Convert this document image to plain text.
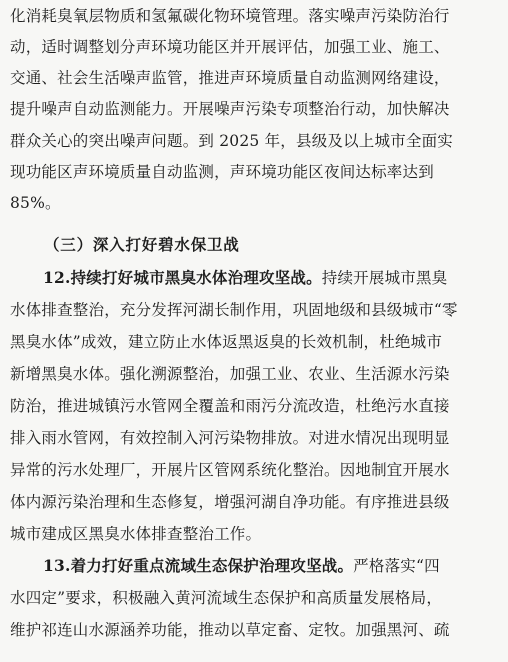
化消耗臭氧层物质和氢氟碳化物环境管理。落实噪声污染防治行
动，适时调整划分声环境功能区并开展评估，加强工业、施工、
交通、社会生活噪声监管，推进声环境质量自动监测网络建设，
提升噪声自动监测能力。开展噪声污染专项整治行动，加快解决
群众关心的突出噪声问题。到 2025 年，县级及以上城市全面实
现功能区声环境质量自动监测，声环境功能区夜间达标率达到
85%。
（三）深入打好碧水保卫战
12.持续打好城市黑臭水体治理攻坚战。持续开展城市黑臭
水体排查整治，充分发挥河湖长制作用，巩固地级和县级城市“零
黑臭水体”成效，建立防止水体返黑返臭的长效机制，杜绝城市
新增黑臭水体。强化溯源整治，加强工业、农业、生活源水污染
防治，推进城镇污水管网全覆盖和雨污分流改造，杜绝污水直接
排入雨水管网，有效控制入河污染物排放。对进水情况出现明显
异常的污水处理厂，开展片区管网系统化整治。因地制宜开展水
体内源污染治理和生态修复，增强河湖自净功能。有序推进县级
城市建成区黑臭水体排查整治工作。
13.着力打好重点流域生态保护治理攻坚战。严格落实“四
水四定”要求，积极融入黄河流域生态保护和高质量发展格局，
维护祁连山水源涵养功能，推动以草定畜、定牧。加强黑河、疏
